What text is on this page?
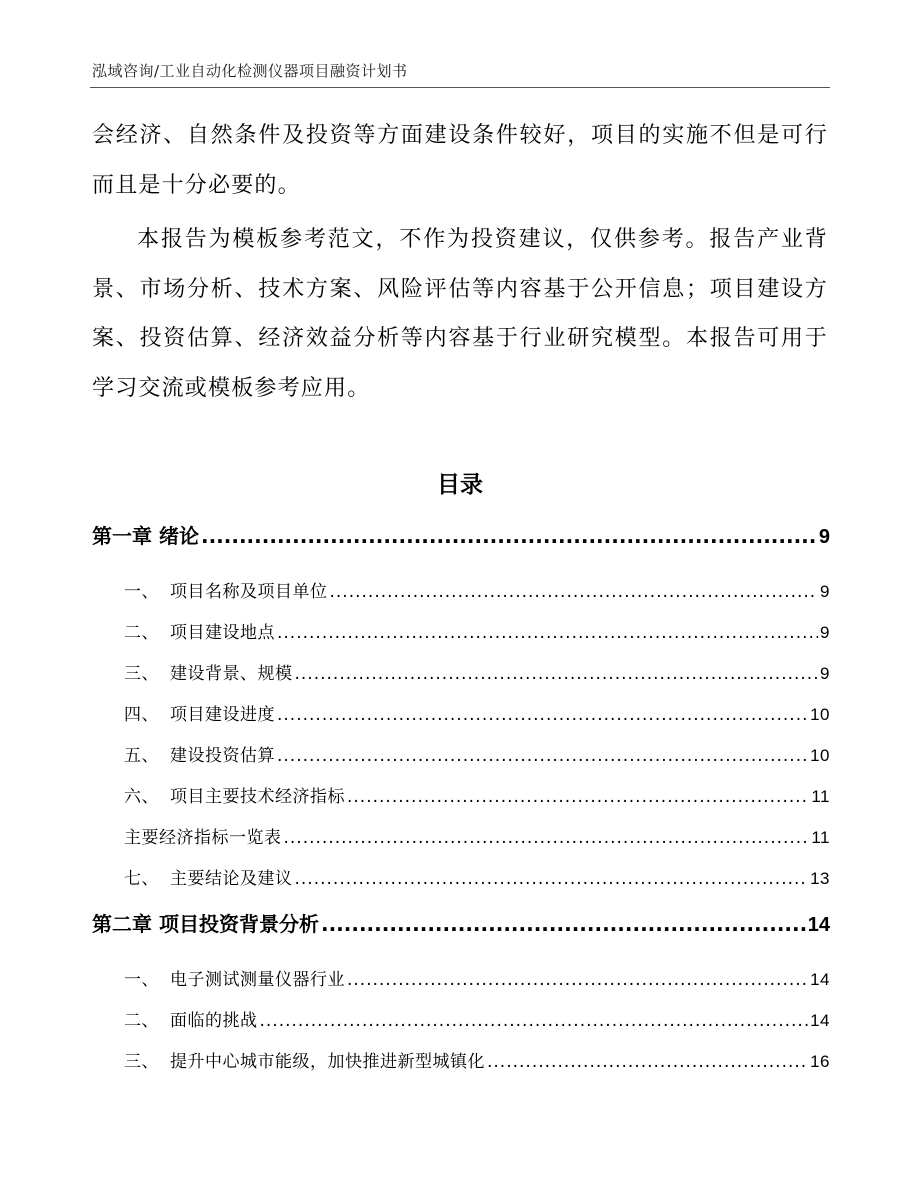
泓域咨询/工业自动化检测仪器项目融资计划书

会经济、自然条件及投资等方面建设条件较好，项目的实施不但是可行而且是十分必要的。

本报告为模板参考范文，不作为投资建议，仅供参考。报告产业背景、市场分析、技术方案、风险评估等内容基于公开信息；项目建设方案、投资估算、经济效益分析等内容基于行业研究模型。本报告可用于学习交流或模板参考应用。

目录
第一章 绪论 .....	9
一、 项目名称及项目单位 .....	9
二、 项目建设地点 .....	9
三、 建设背景、规模 .....	9
四、 项目建设进度 .....	10
五、 建设投资估算 .....	10
六、 项目主要技术经济指标 .....	11
主要经济指标一览表 .....	11
七、 主要结论及建议 .....	13
第二章 项目投资背景分析 .....	14
一、 电子测试测量仪器行业 .....	14
二、 面临的挑战 .....	14
三、 提升中心城市能级，加快推进新型城镇化 .....	16
